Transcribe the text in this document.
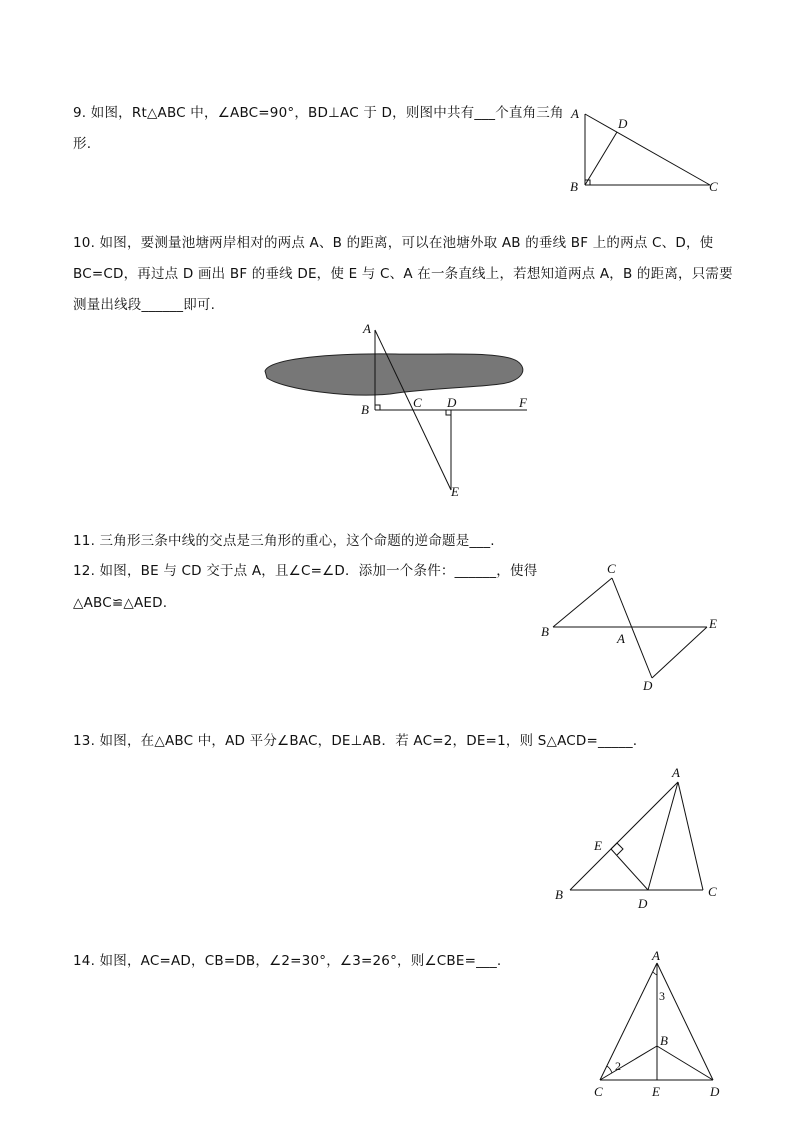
9. 如图，Rt△ABC 中，∠ABC=90°，BD⊥AC 于 D，则图中共有___个直角三角
形.
A
D
B	C
10. 如图，要测量池塘两岸相对的两点 A、B 的距离，可以在池塘外取 AB 的垂线 BF 上的两点 C、D，使
BC=CD，再过点 D 画出 BF 的垂线 DE，使 E 与 C、A 在一条直线上，若想知道两点 A，B 的距离，只需要
测量出线段______即可.
A
B	C D	F
E
11. 三角形三条中线的交点是三角形的重心，这个命题的逆命题是___.
12. 如图，BE 与 CD 交于点 A，且∠C=∠D．添加一个条件：______，使得
△ABC≌△AED.
C
B	A
E
D
13. 如图，在△ABC 中，AD 平分∠BAC，DE⊥AB．若 AC=2，DE=1，则 S△ACD=_____.
A
E
B
D
C
14. 如图，AC=AD，CB=DB，∠2=30°，∠3=26°，则∠CBE=___.	A
3
B
2
C	E	D
